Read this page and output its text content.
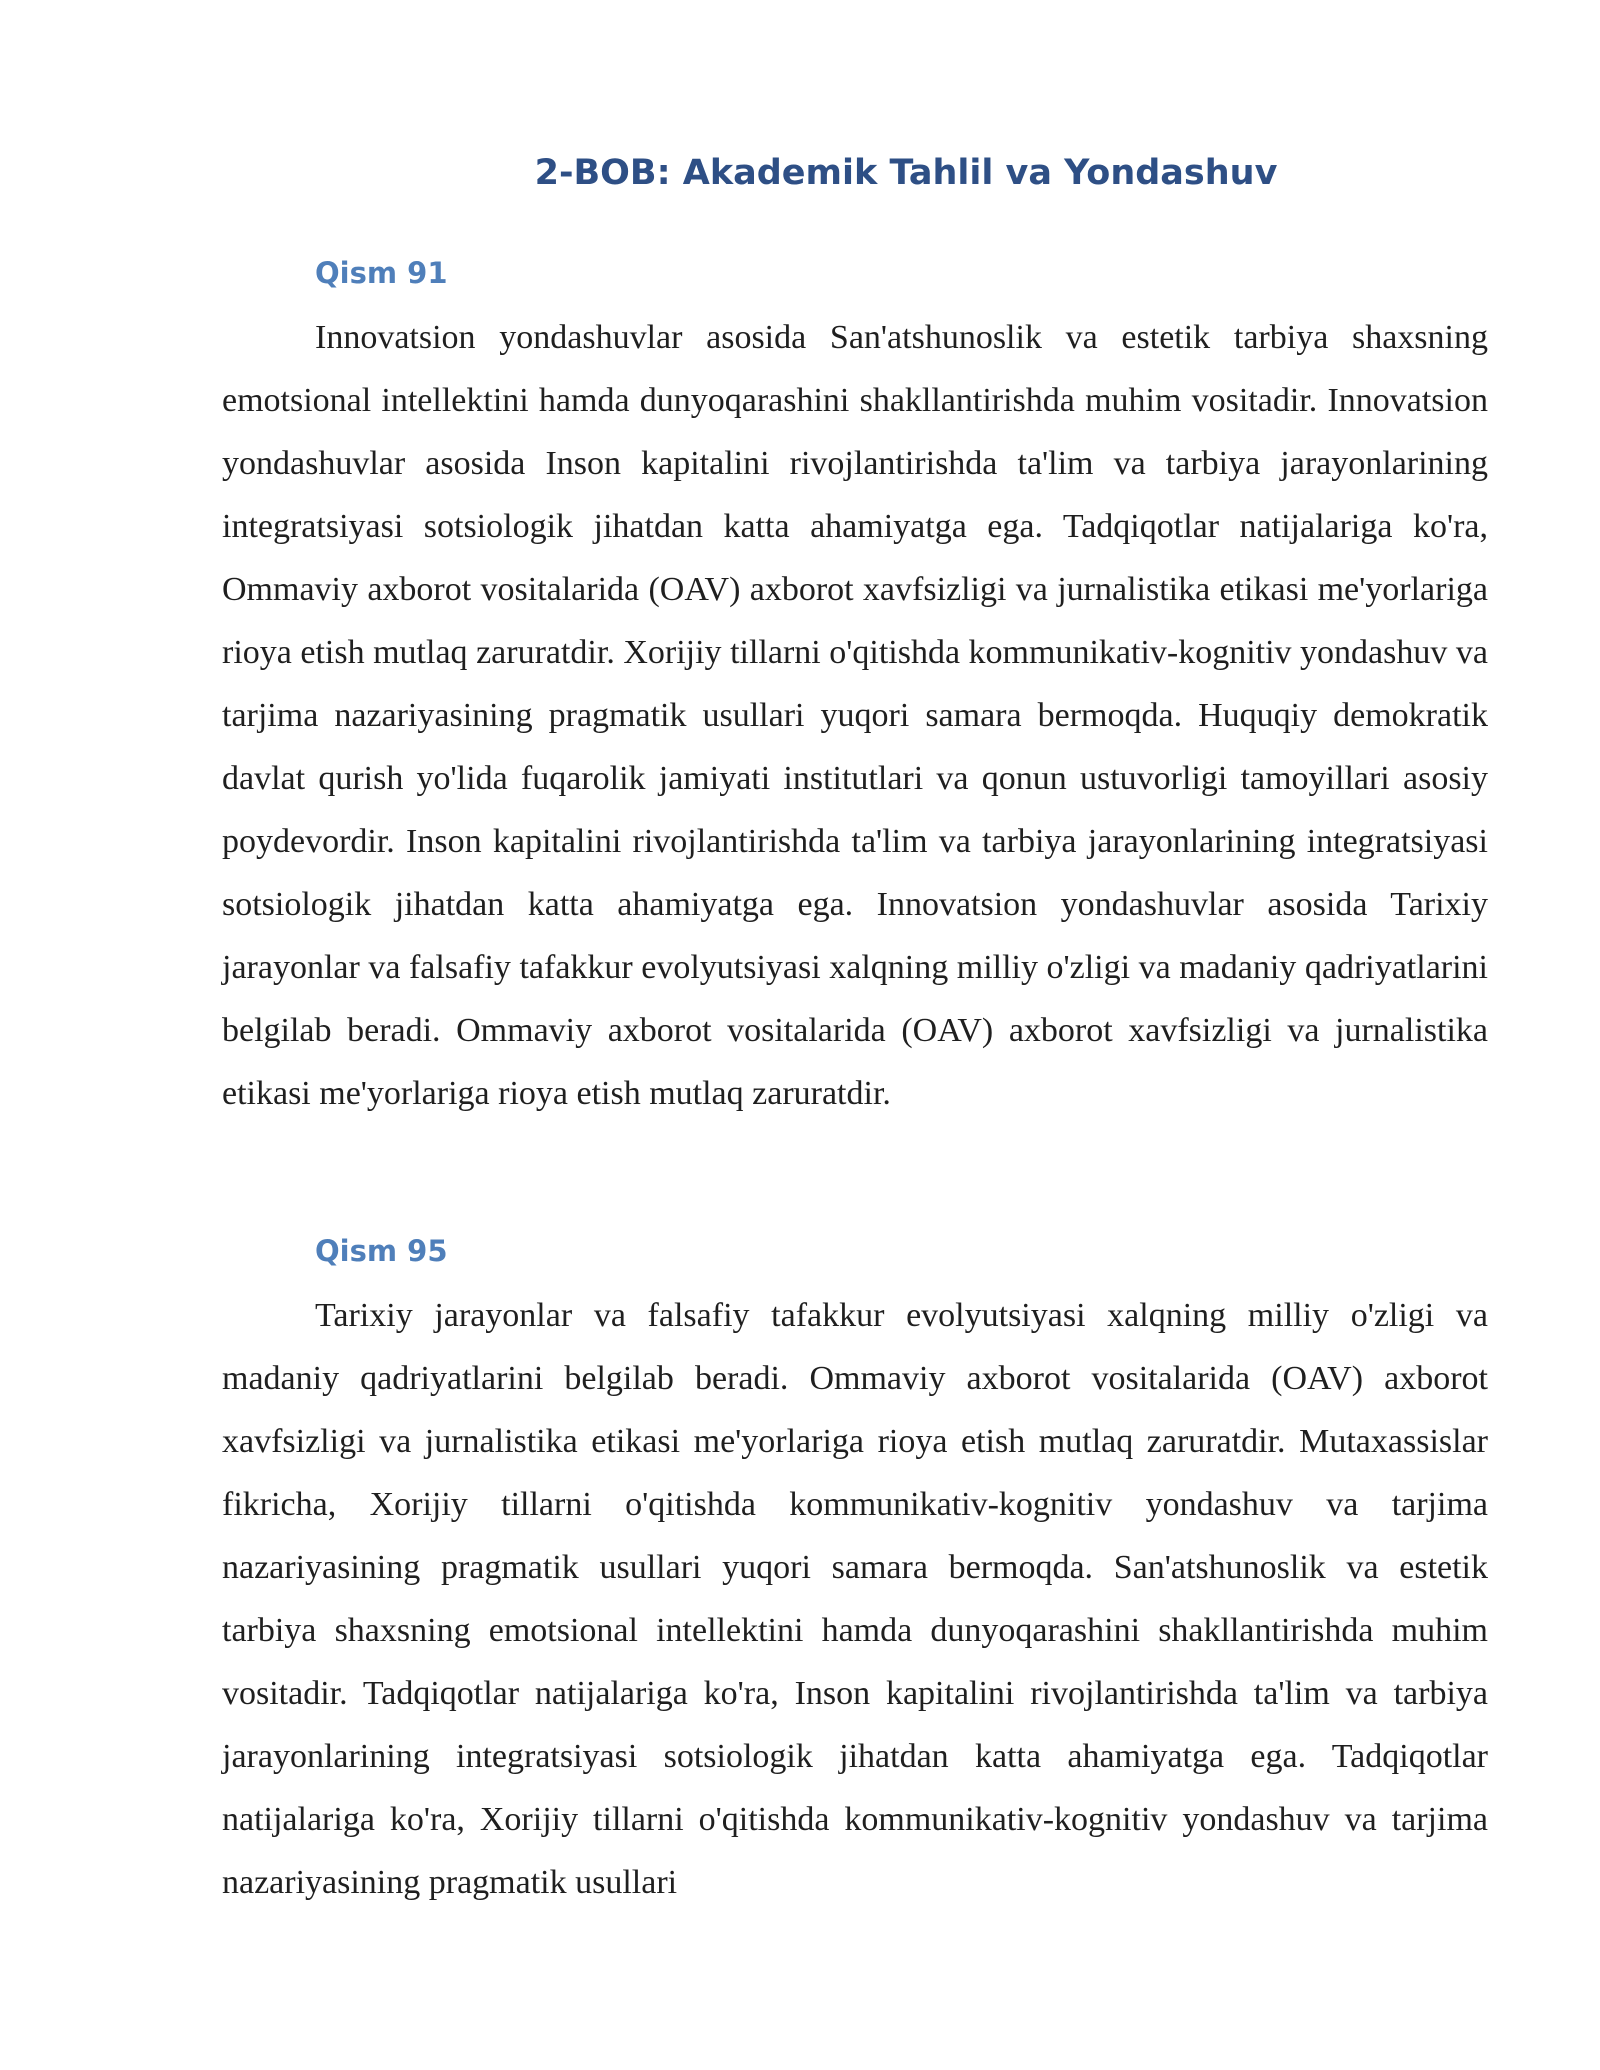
2-BOB: Akademik Tahlil va Yondashuv
Qism 91

Innovatsion yondashuvlar asosida San'atshunoslik va estetik tarbiya shaxsning emotsional intellektini hamda dunyoqarashini shakllantirishda muhim vositadir. Innovatsion yondashuvlar asosida Inson kapitalini rivojlantirishda ta'lim va tarbiya jarayonlarining integratsiyasi sotsiologik jihatdan katta ahamiyatga ega. Tadqiqotlar natijalariga ko'ra, Ommaviy axborot vositalarida (OAV) axborot xavfsizligi va jurnalistika etikasi me'yorlariga rioya etish mutlaq zaruratdir. Xorijiy tillarni o'qitishda kommunikativ-kognitiv yondashuv va tarjima nazariyasining pragmatik usullari yuqori samara bermoqda. Huquqiy demokratik davlat qurish yo'lida fuqarolik jamiyati institutlari va qonun ustuvorligi tamoyillari asosiy poydevordir. Inson kapitalini rivojlantirishda ta'lim va tarbiya jarayonlarining integratsiyasi sotsiologik jihatdan katta ahamiyatga ega. Innovatsion yondashuvlar asosida Tarixiy jarayonlar va falsafiy tafakkur evolyutsiyasi xalqning milliy o'zligi va madaniy qadriyatlarini belgilab beradi. Ommaviy axborot vositalarida (OAV) axborot xavfsizligi va jurnalistika etikasi me'yorlariga rioya etish mutlaq zaruratdir.

Qism 95

Tarixiy jarayonlar va falsafiy tafakkur evolyutsiyasi xalqning milliy o'zligi va madaniy qadriyatlarini belgilab beradi. Ommaviy axborot vositalarida (OAV) axborot xavfsizligi va jurnalistika etikasi me'yorlariga rioya etish mutlaq zaruratdir. Mutaxassislar fikricha, Xorijiy tillarni o'qitishda kommunikativ-kognitiv yondashuv va tarjima nazariyasining pragmatik usullari yuqori samara bermoqda. San'atshunoslik va estetik tarbiya shaxsning emotsional intellektini hamda dunyoqarashini shakllantirishda muhim vositadir. Tadqiqotlar natijalariga ko'ra, Inson kapitalini rivojlantirishda ta'lim va tarbiya jarayonlarining integratsiyasi sotsiologik jihatdan katta ahamiyatga ega. Tadqiqotlar natijalariga ko'ra, Xorijiy tillarni o'qitishda kommunikativ-kognitiv yondashuv va tarjima nazariyasining pragmatik usullari
